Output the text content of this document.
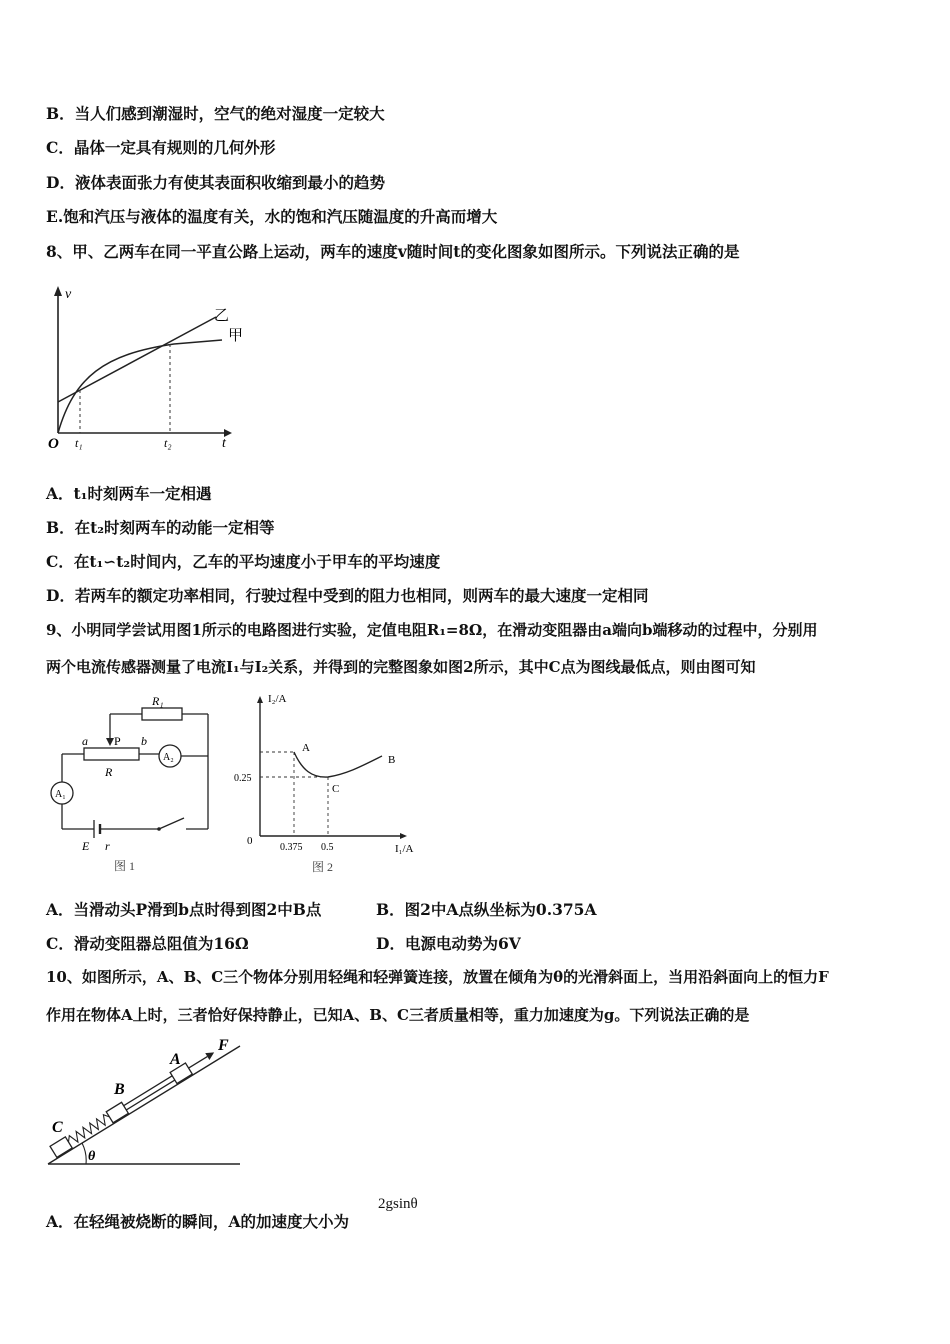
B．当人们感到潮湿时，空气的绝对湿度一定较大
C．晶体一定具有规则的几何外形
D．液体表面张力有使其表面积收缩到最小的趋势
E.饱和汽压与液体的温度有关，水的饱和汽压随温度的升高而增大
8、甲、乙两车在同一平直公路上运动，两车的速度v随时间t的变化图象如图所示。下列说法正确的是
v
t
O t₁	t₂
乙
甲
A．t₁时刻两车一定相遇
B．在t₂时刻两车的动能一定相等
C．在t₁∽t₂时间内，乙车的平均速度小于甲车的平均速度
D．若两车的额定功率相同，行驶过程中受到的阻力也相同，则两车的最大速度一定相同
9、小明同学尝试用图1所示的电路图进行实验，定值电阻R₁=8Ω，在滑动变阻器由a端向b端移动的过程中，分别用
两个电流传感器测量了电流I₁与I₂关系，并得到的完整图象如图2所示，其中C点为图线最低点，则由图可知
R₁
P
a	b
R
A₂
A₁
E r
图 1
I₂/A
I₁/A
0
0.25
0.375 0.5
A
B
C
图 2
A．当滑动头P滑到b点时得到图2中B点	B．图2中A点纵坐标为0.375A
C．滑动变阻器总阻值为16Ω	D．电源电动势为6V
10、如图所示，A、B、C三个物体分别用轻绳和轻弹簧连接，放置在倾角为θ的光滑斜面上，当用沿斜面向上的恒力F
作用在物体A上时，三者恰好保持静止，已知A、B、C三者质量相等，重力加速度为g。下列说法正确的是
θ
C
B
A
F
A．在轻绳被烧断的瞬间，A的加速度大小为
2gsinθ
